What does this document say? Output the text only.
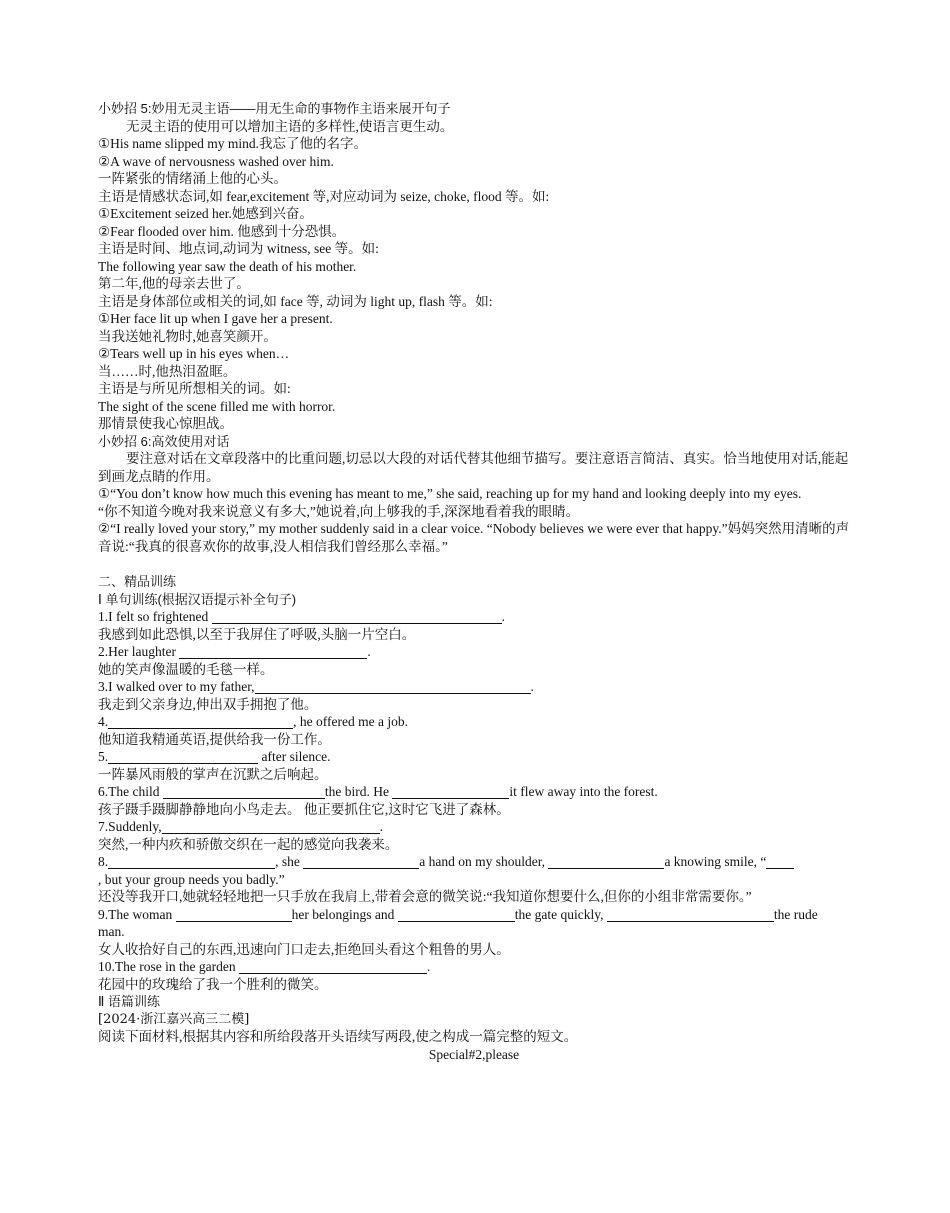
小妙招 5:妙用无灵主语——用无生命的事物作主语来展开句子
无灵主语的使用可以增加主语的多样性,使语言更生动。
①His name slipped my mind.我忘了他的名字。
②A wave of nervousness washed over him.
一阵紧张的情绪涌上他的心头。
主语是情感状态词,如 fear,excitement 等,对应动词为 seize, choke, flood 等。如:
①Excitement seized her.她感到兴奋。
②Fear flooded over him. 他感到十分恐惧。
主语是时间、地点词,动词为 witness, see 等。如:
The following year saw the death of his mother.
第二年,他的母亲去世了。
主语是身体部位或相关的词,如 face 等, 动词为 light up, flash 等。如:
①Her face lit up when I gave her a present.
当我送她礼物时,她喜笑颜开。
②Tears well up in his eyes when…
当……时,他热泪盈眶。
主语是与所见所想相关的词。如:
The sight of the scene filled me with horror.
那情景使我心惊胆战。
小妙招 6:高效使用对话
要注意对话在文章段落中的比重问题,切忌以大段的对话代替其他细节描写。要注意语言简洁、真实。恰当地使用对话,能起到画龙点睛的作用。
①“You don’t know how much this evening has meant to me,” she said, reaching up for my hand and looking deeply into my eyes.
“你不知道今晚对我来说意义有多大,”她说着,向上够我的手,深深地看着我的眼睛。
②“I really loved your story,” my mother suddenly said in a clear voice. “Nobody believes we were ever that happy.”妈妈突然用清晰的声音说:“我真的很喜欢你的故事,没人相信我们曾经那么幸福。”
二、精品训练
Ⅰ 单句训练(根据汉语提示补全句子)
1.I felt so frightened	.
我感到如此恐惧,以至于我屏住了呼吸,头脑一片空白。
2.Her laughter	.
她的笑声像温暖的毛毯一样。
3.I walked over to my father,	.
我走到父亲身边,伸出双手拥抱了他。
4.	, he offered me a job.
他知道我精通英语,提供给我一份工作。
5.	after silence.
一阵暴风雨般的掌声在沉默之后响起。
6.The child	the bird. He	it flew away into the forest.
孩子蹑手蹑脚静静地向小鸟走去。 他正要抓住它,这时它飞进了森林。
7.Suddenly,	.
突然,一种内疚和骄傲交织在一起的感觉向我袭来。
8.	, she	a hand on my shoulder,	a knowing smile, “
, but your group needs you badly.”
还没等我开口,她就轻轻地把一只手放在我肩上,带着会意的微笑说:“我知道你想要什么,但你的小组非常需要你。”
9.The woman	her belongings and	the gate quickly,	the rude
man.
女人收拾好自己的东西,迅速向门口走去,拒绝回头看这个粗鲁的男人。
10.The rose in the garden	.
花园中的玫瑰给了我一个胜利的微笑。
Ⅱ 语篇训练
[2024·浙江嘉兴高三二模]
阅读下面材料,根据其内容和所给段落开头语续写两段,使之构成一篇完整的短文。
Special#2,please
